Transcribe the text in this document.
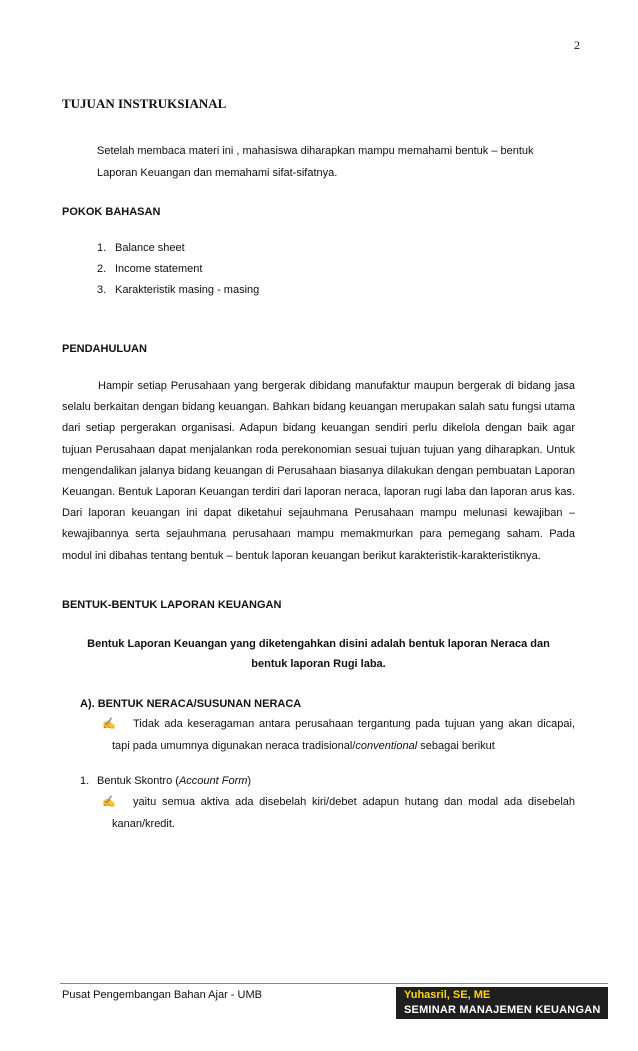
2
TUJUAN INSTRUKSIANAL
Setelah membaca materi ini , mahasiswa diharapkan mampu memahami bentuk – bentuk
Laporan Keuangan dan memahami sifat-sifatnya.
POKOK BAHASAN
1. Balance sheet
2. Income statement
3. Karakteristik masing - masing
PENDAHULUAN

Hampir setiap Perusahaan yang bergerak dibidang manufaktur maupun bergerak di bidang jasa selalu berkaitan dengan bidang keuangan. Bahkan bidang keuangan merupakan salah satu fungsi utama dari setiap pergerakan organisasi. Adapun bidang keuangan sendiri perlu dikelola dengan baik agar tujuan Perusahaan dapat menjalankan roda perekonomian sesuai tujuan tujuan yang diharapkan. Untuk mengendalikan jalanya bidang keuangan di Perusahaan biasanya dilakukan dengan pembuatan Laporan Keuangan. Bentuk Laporan Keuangan terdiri dari laporan neraca, laporan rugi laba dan laporan arus kas. Dari laporan keuangan ini dapat diketahui sejauhmana Perusahaan mampu melunasi kewajiban – kewajibannya serta sejauhmana perusahaan mampu memakmurkan para pemegang saham. Pada modul ini dibahas tentang bentuk – bentuk laporan keuangan berikut karakteristik-karakteristiknya.

BENTUK-BENTUK LAPORAN KEUANGAN
Bentuk Laporan Keuangan yang diketengahkan disini adalah bentuk laporan Neraca dan
bentuk laporan Rugi laba.
A). BENTUK NERACA/SUSUNAN NERACA
✍ Tidak ada keseragaman antara perusahaan tergantung pada tujuan yang akan dicapai,
tapi pada umumnya digunakan neraca tradisional/conventional sebagai berikut
1. Bentuk Skontro (Account Form)
✍ yaitu semua aktiva ada disebelah kiri/debet adapun hutang dan modal ada disebelah
kanan/kredit.
Pusat Pengembangan Bahan Ajar - UMB	Yuhasril, SE, ME
SEMINAR MANAJEMEN KEUANGAN
